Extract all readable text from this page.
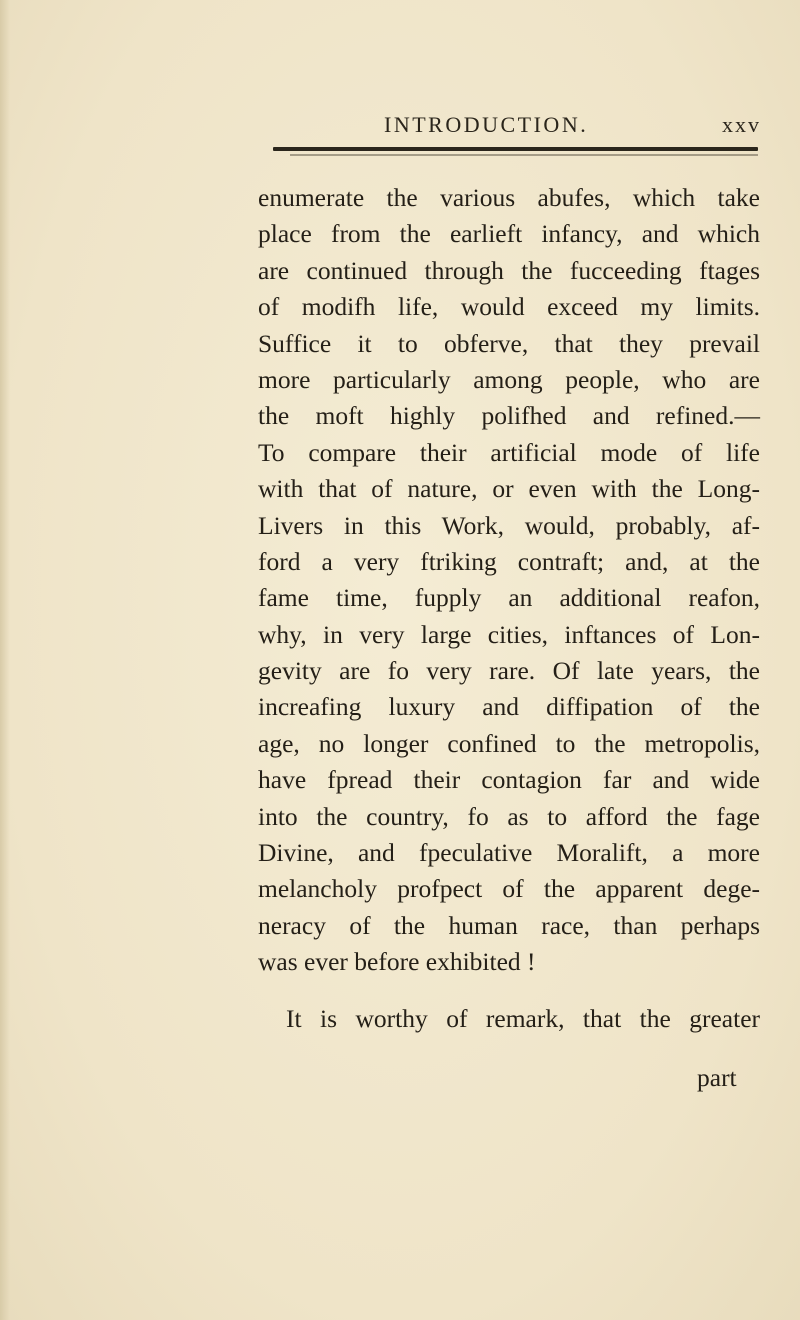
INTRODUCTION.	xxv
enumerate the various abufes, which take
place from the earlieft infancy, and which
are continued through the fucceeding ftages
of modifh life, would exceed my limits.
Suffice it to obferve, that they prevail
more particularly among people, who are
the moft highly polifhed and refined.—
To compare their artificial mode of life
with that of nature, or even with the Long-
Livers in this Work, would, probably, af-
ford a very ftriking contraft; and, at the
fame time, fupply an additional reafon,
why, in very large cities, inftances of Lon-
gevity are fo very rare. Of late years, the
increafing luxury and diffipation of the
age, no longer confined to the metropolis,
have fpread their contagion far and wide
into the country, fo as to afford the fage
Divine, and fpeculative Moralift, a more
melancholy profpect of the apparent dege-
neracy of the human race, than perhaps
was ever before exhibited !
It is worthy of remark, that the greater
part
